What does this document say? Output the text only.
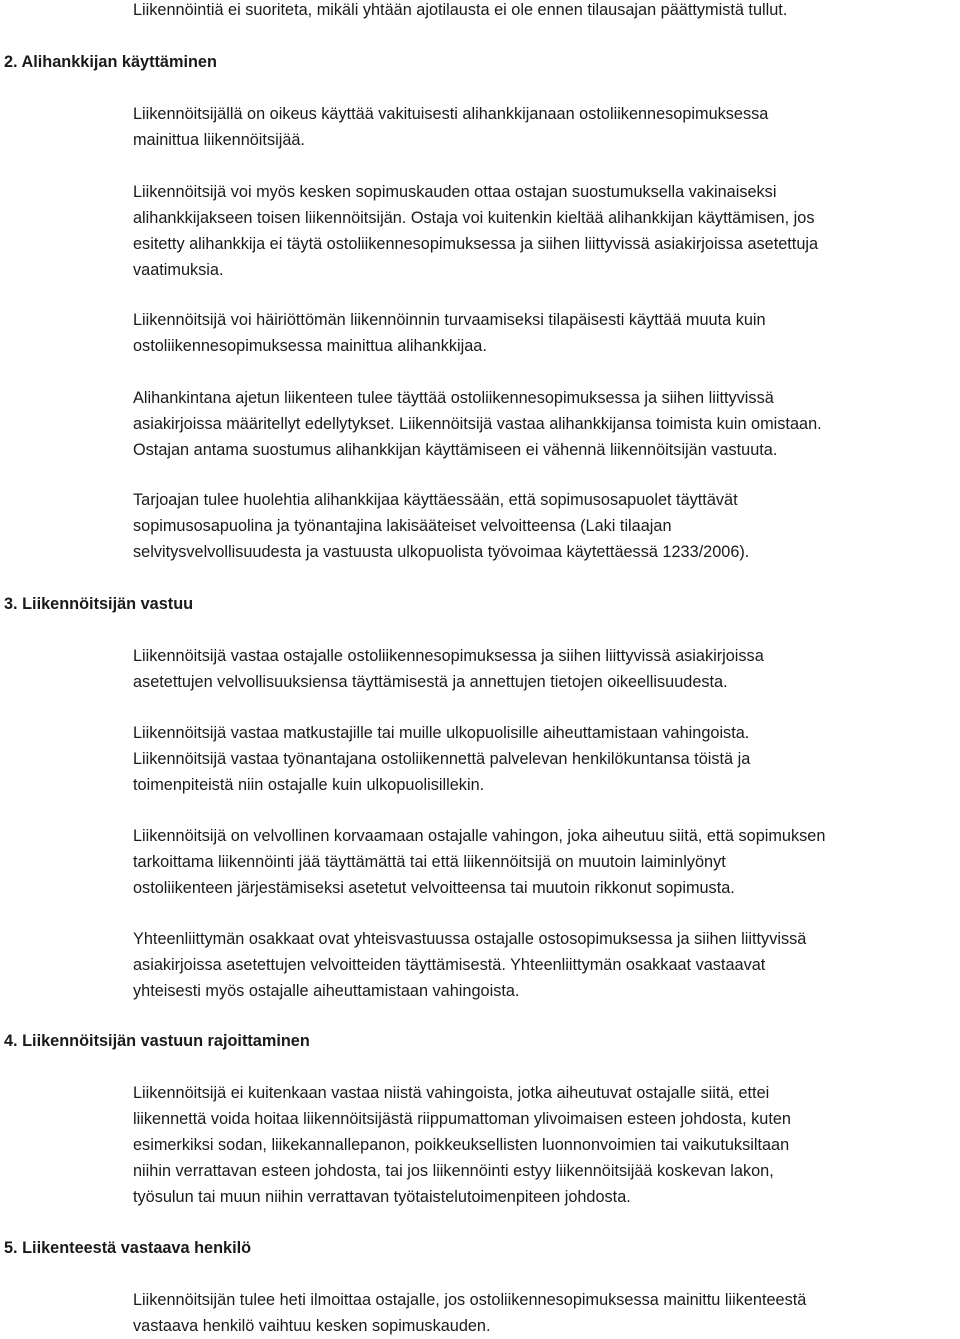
Liikennöintiä ei suoriteta, mikäli yhtään ajotilausta ei ole ennen tilausajan päättymistä tullut.
2. Alihankkijan käyttäminen
Liikennöitsijällä on oikeus käyttää vakituisesti alihankkijanaan ostoliikennesopimuksessa
mainittua liikennöitsijää.
Liikennöitsijä voi myös kesken sopimuskauden ottaa ostajan suostumuksella vakinaiseksi
alihankkijakseen toisen liikennöitsijän. Ostaja voi kuitenkin kieltää alihankkijan käyttämisen, jos
esitetty alihankkija ei täytä ostoliikennesopimuksessa ja siihen liittyvissä asiakirjoissa asetettuja
vaatimuksia.
Liikennöitsijä voi häiriöttömän liikennöinnin turvaamiseksi tilapäisesti käyttää muuta kuin
ostoliikennesopimuksessa mainittua alihankkijaa.
Alihankintana ajetun liikenteen tulee täyttää ostoliikennesopimuksessa ja siihen liittyvissä
asiakirjoissa määritellyt edellytykset. Liikennöitsijä vastaa alihankkijansa toimista kuin omistaan.
Ostajan antama suostumus alihankkijan käyttämiseen ei vähennä liikennöitsijän vastuuta.
Tarjoajan tulee huolehtia alihankkijaa käyttäessään, että sopimusosapuolet täyttävät
sopimusosapuolina ja työnantajina lakisääteiset velvoitteensa (Laki tilaajan
selvitysvelvollisuudesta ja vastuusta ulkopuolista työvoimaa käytettäessä 1233/2006).
3. Liikennöitsijän vastuu
Liikennöitsijä vastaa ostajalle ostoliikennesopimuksessa ja siihen liittyvissä asiakirjoissa
asetettujen velvollisuuksiensa täyttämisestä ja annettujen tietojen oikeellisuudesta.
Liikennöitsijä vastaa matkustajille tai muille ulkopuolisille aiheuttamistaan vahingoista.
Liikennöitsijä vastaa työnantajana ostoliikennettä palvelevan henkilökuntansa töistä ja
toimenpiteistä niin ostajalle kuin ulkopuolisillekin.
Liikennöitsijä on velvollinen korvaamaan ostajalle vahingon, joka aiheutuu siitä, että sopimuksen
tarkoittama liikennöinti jää täyttämättä tai että liikennöitsijä on muutoin laiminlyönyt
ostoliikenteen järjestämiseksi asetetut velvoitteensa tai muutoin rikkonut sopimusta.
Yhteenliittymän osakkaat ovat yhteisvastuussa ostajalle ostosopimuksessa ja siihen liittyvissä
asiakirjoissa asetettujen velvoitteiden täyttämisestä. Yhteenliittymän osakkaat vastaavat
yhteisesti myös ostajalle aiheuttamistaan vahingoista.
4. Liikennöitsijän vastuun rajoittaminen
Liikennöitsijä ei kuitenkaan vastaa niistä vahingoista, jotka aiheutuvat ostajalle siitä, ettei
liikennettä voida hoitaa liikennöitsijästä riippumattoman ylivoimaisen esteen johdosta, kuten
esimerkiksi sodan, liikekannallepanon, poikkeuksellisten luonnonvoimien tai vaikutuksiltaan
niihin verrattavan esteen johdosta, tai jos liikennöinti estyy liikennöitsijää koskevan lakon,
työsulun tai muun niihin verrattavan työtaistelutoimenpiteen johdosta.
5. Liikenteestä vastaava henkilö
Liikennöitsijän tulee heti ilmoittaa ostajalle, jos ostoliikennesopimuksessa mainittu liikenteestä
vastaava henkilö vaihtuu kesken sopimuskauden.
